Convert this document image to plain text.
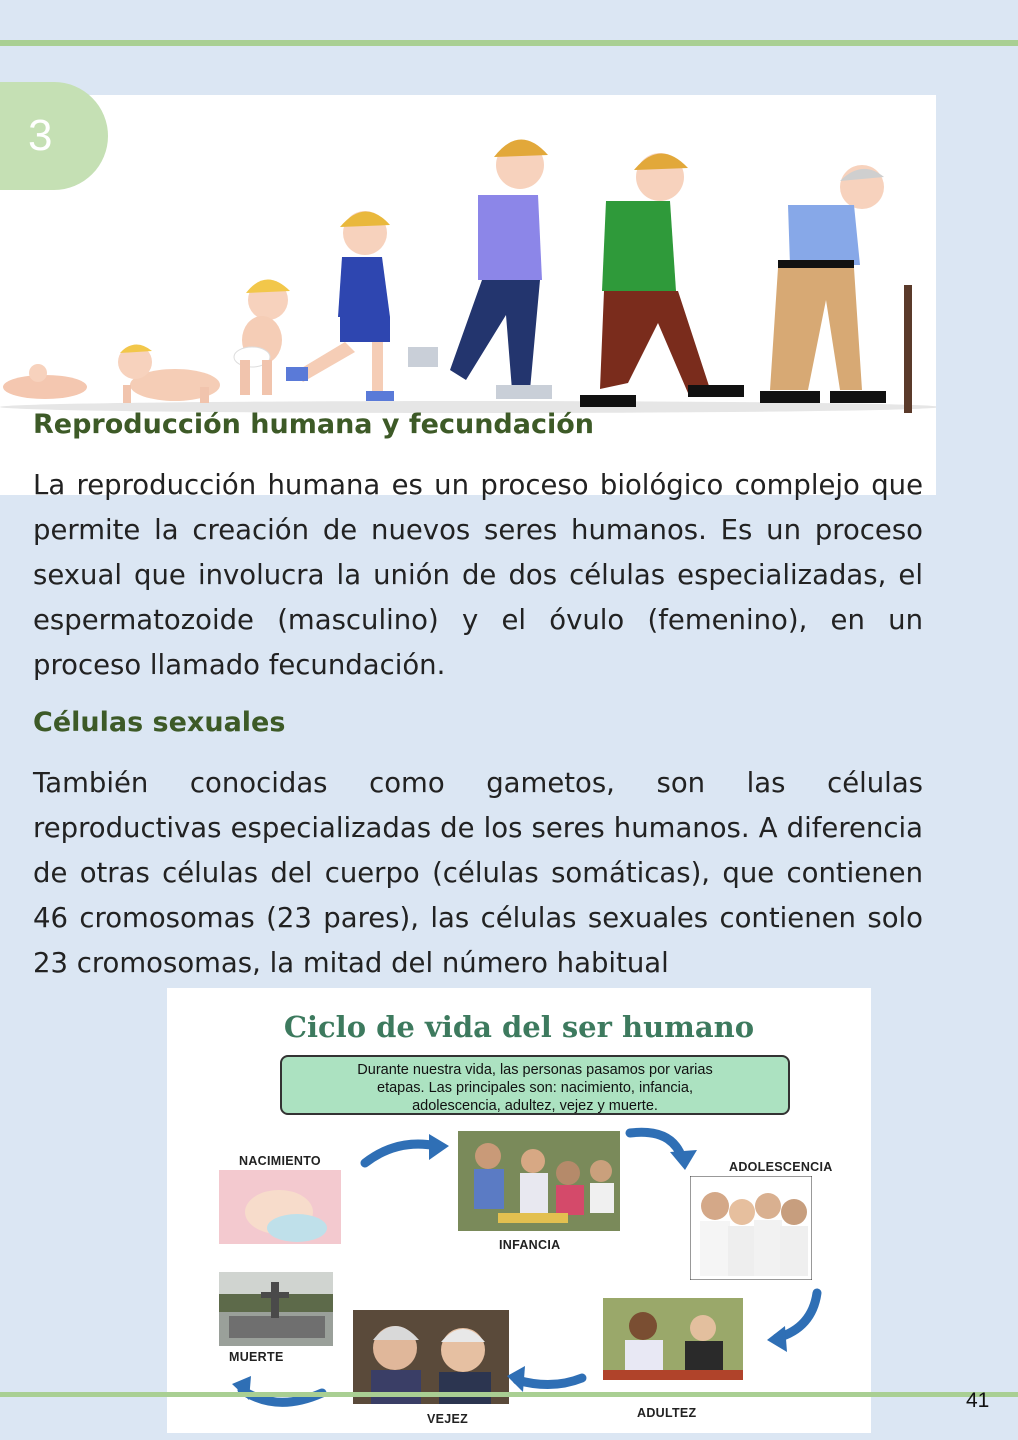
3
Reproducción humana y fecundación

La reproducción humana es un proceso biológico complejo que permite la creación de nuevos seres humanos. Es un proceso sexual que involucra la unión de dos células especializadas, el espermatozoide (masculino) y el óvulo (femenino), en un proceso llamado fecundación.

Células sexuales

También conocidas como gametos, son las células reproductivas especializadas de los seres humanos. A diferencia de otras células del cuerpo (células somáticas), que contienen 46 cromosomas (23 pares), las células sexuales contienen solo 23 cromosomas, la mitad del número habitual

Ciclo de vida del ser humano
Durante nuestra vida, las personas pasamos por varias etapas. Las principales son: nacimiento, infancia, adolescencia, adultez, vejez y muerte.
NACIMIENTO
INFANCIA
ADOLESCENCIA
MUERTE
VEJEZ	ADULTEZ
41
